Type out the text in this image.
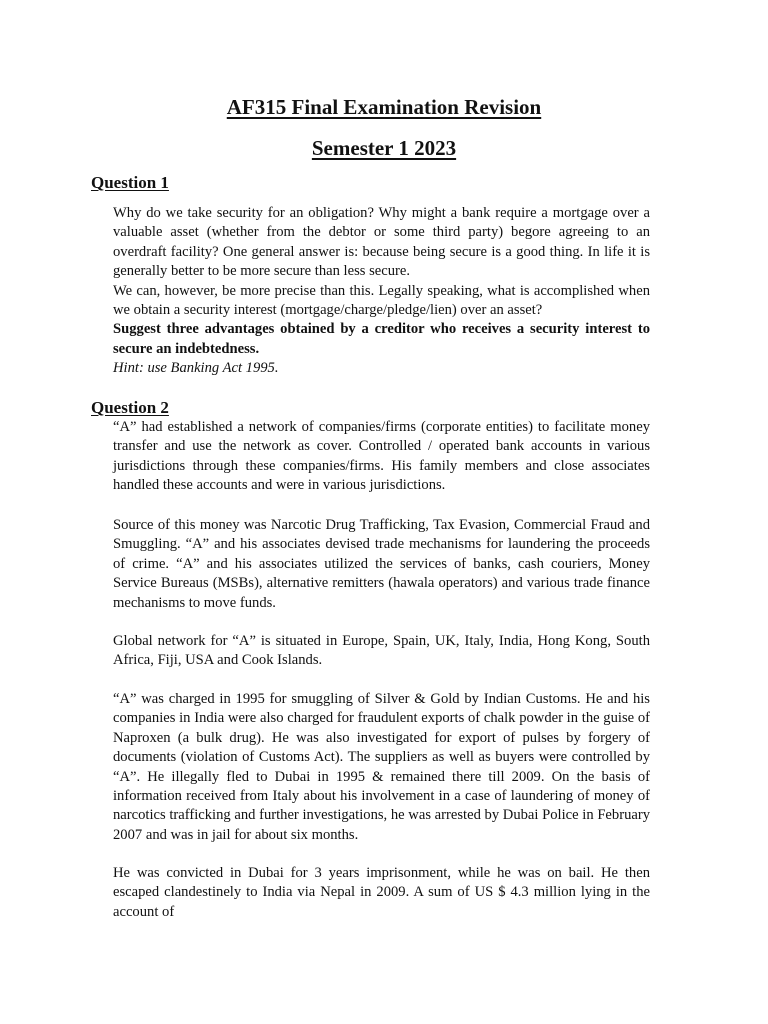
AF315 Final Examination Revision
Semester 1 2023
Question 1

Why do we take security for an obligation? Why might a bank require a mortgage over a valuable asset (whether from the debtor or some third party) begore agreeing to an overdraft facility? One general answer is: because being secure is a good thing. In life it is generally better to be more secure than less secure.

We can, however, be more precise than this. Legally speaking, what is accomplished when we obtain a security interest (mortgage/charge/pledge/lien) over an asset?

Suggest three advantages obtained by a creditor who receives a security interest to secure an indebtedness.

Hint: use Banking Act 1995.

Question 2

“A” had established a network of companies/firms (corporate entities) to facilitate money transfer and use the network as cover. Controlled / operated bank accounts in various jurisdictions through these companies/firms. His family members and close associates handled these accounts and were in various jurisdictions.

Source of this money was Narcotic Drug Trafficking, Tax Evasion, Commercial Fraud and Smuggling. “A” and his associates devised trade mechanisms for laundering the proceeds of crime. “A” and his associates utilized the services of banks, cash couriers, Money Service Bureaus (MSBs), alternative remitters (hawala operators) and various trade finance mechanisms to move funds.

Global network for “A” is situated in Europe, Spain, UK, Italy, India, Hong Kong, South Africa, Fiji, USA and Cook Islands.

“A” was charged in 1995 for smuggling of Silver & Gold by Indian Customs. He and his companies in India were also charged for fraudulent exports of chalk powder in the guise of Naproxen (a bulk drug). He was also investigated for export of pulses by forgery of documents (violation of Customs Act). The suppliers as well as buyers were controlled by “A”. He illegally fled to Dubai in 1995 & remained there till 2009. On the basis of information received from Italy about his involvement in a case of laundering of money of narcotics trafficking and further investigations, he was arrested by Dubai Police in February 2007 and was in jail for about six months.

He was convicted in Dubai for 3 years imprisonment, while he was on bail. He then escaped clandestinely to India via Nepal in 2009. A sum of US $ 4.3 million lying in the account of
